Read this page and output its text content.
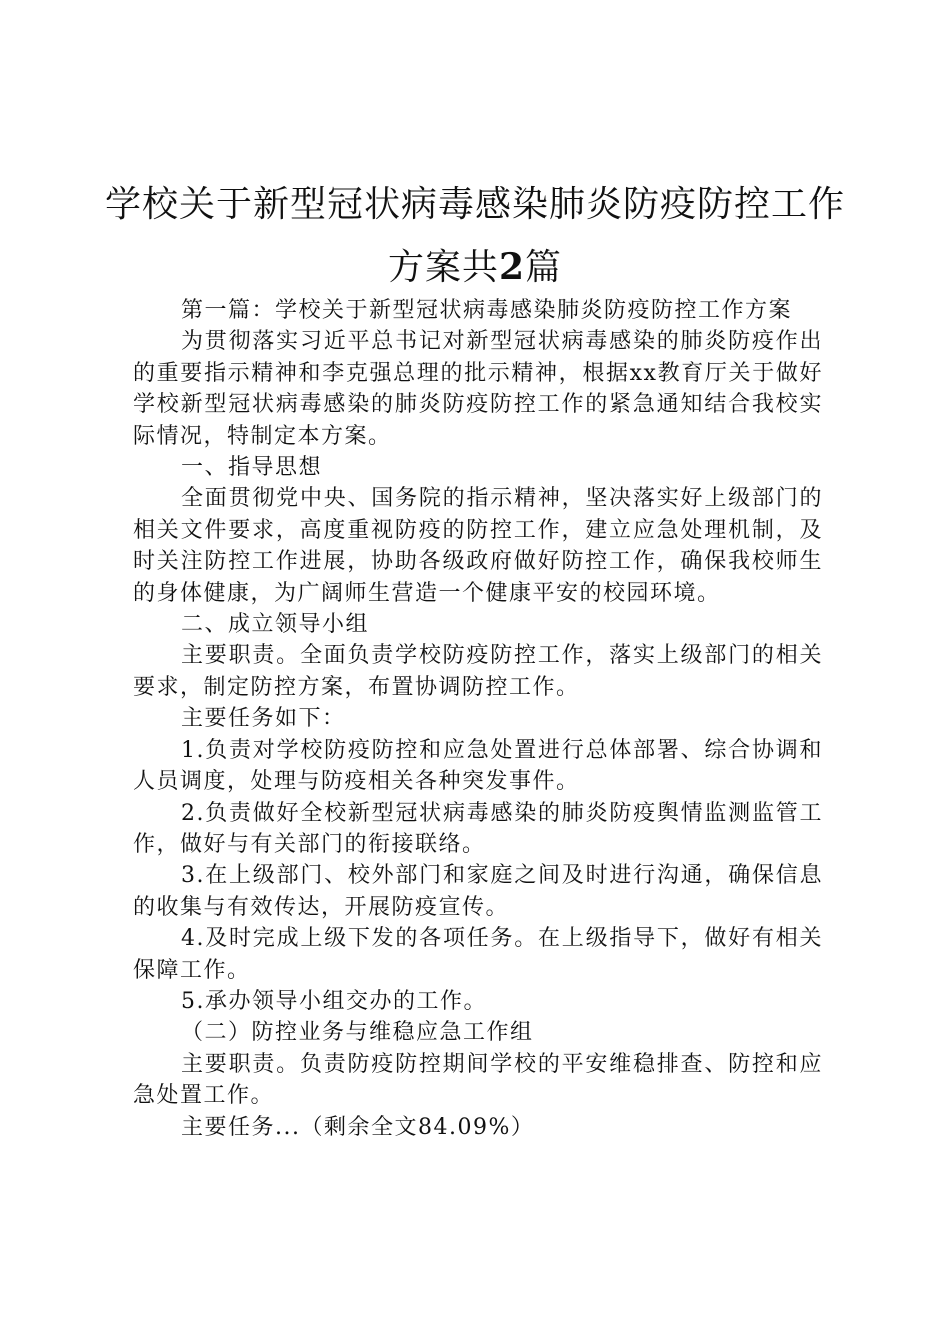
学校关于新型冠状病毒感染肺炎防疫防控工作
方案共2篇

第一篇：学校关于新型冠状病毒感染肺炎防疫防控工作方案

为贯彻落实习近平总书记对新型冠状病毒感染的肺炎防疫作出的重要指示精神和李克强总理的批示精神，根据xx教育厅关于做好学校新型冠状病毒感染的肺炎防疫防控工作的紧急通知结合我校实际情况，特制定本方案。

一、指导思想

全面贯彻党中央、国务院的指示精神，坚决落实好上级部门的相关文件要求，高度重视防疫的防控工作，建立应急处理机制，及时关注防控工作进展，协助各级政府做好防控工作，确保我校师生的身体健康，为广阔师生营造一个健康平安的校园环境。

二、成立领导小组

主要职责。全面负责学校防疫防控工作，落实上级部门的相关要求，制定防控方案，布置协调防控工作。

主要任务如下：

1.负责对学校防疫防控和应急处置进行总体部署、综合协调和人员调度，处理与防疫相关各种突发事件。

2.负责做好全校新型冠状病毒感染的肺炎防疫舆情监测监管工作，做好与有关部门的衔接联络。

3.在上级部门、校外部门和家庭之间及时进行沟通，确保信息的收集与有效传达，开展防疫宣传。

4.及时完成上级下发的各项任务。在上级指导下，做好有相关保障工作。

5.承办领导小组交办的工作。

（二）防控业务与维稳应急工作组

主要职责。负责防疫防控期间学校的平安维稳排查、防控和应急处置工作。

主要任务...（剩余全文84.09%）
